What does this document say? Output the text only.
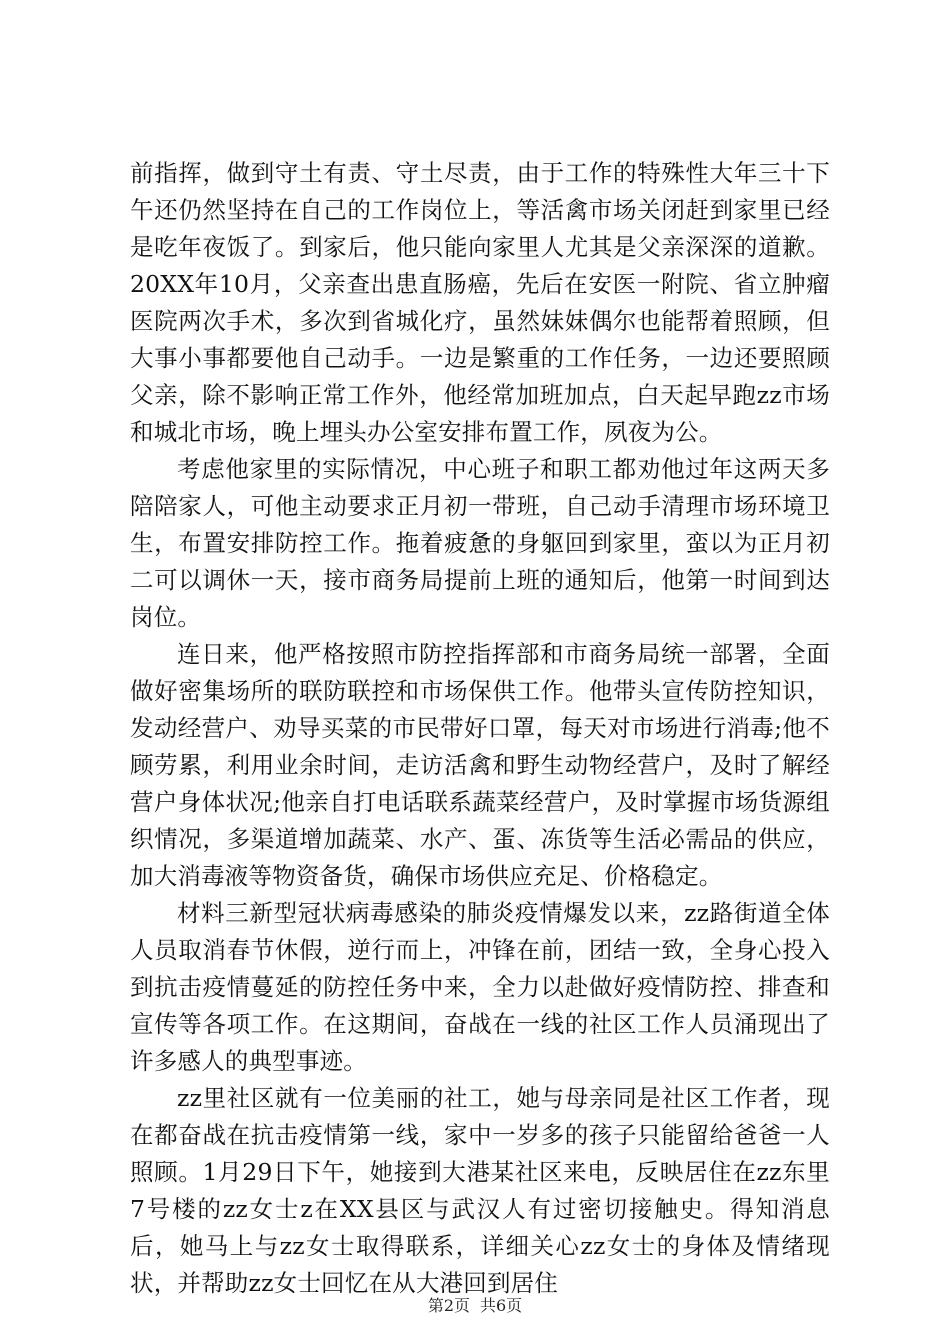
前指挥，做到守土有责、守土尽责，由于工作的特殊性大年三十下午还仍然坚持在自己的工作岗位上，等活禽市场关闭赶到家里已经是吃年夜饭了。到家后，他只能向家里人尤其是父亲深深的道歉。20XX年10月，父亲查出患直肠癌，先后在安医一附院、省立肿瘤医院两次手术，多次到省城化疗，虽然妹妹偶尔也能帮着照顾，但大事小事都要他自己动手。一边是繁重的工作任务，一边还要照顾父亲，除不影响正常工作外，他经常加班加点，白天起早跑zz市场和城北市场，晚上埋头办公室安排布置工作，夙夜为公。

考虑他家里的实际情况，中心班子和职工都劝他过年这两天多陪陪家人，可他主动要求正月初一带班，自己动手清理市场环境卫生，布置安排防控工作。拖着疲惫的身躯回到家里，蛮以为正月初二可以调休一天，接市商务局提前上班的通知后，他第一时间到达岗位。

连日来，他严格按照市防控指挥部和市商务局统一部署，全面做好密集场所的联防联控和市场保供工作。他带头宣传防控知识，发动经营户、劝导买菜的市民带好口罩，每天对市场进行消毒;他不顾劳累，利用业余时间，走访活禽和野生动物经营户，及时了解经营户身体状况;他亲自打电话联系蔬菜经营户，及时掌握市场货源组织情况，多渠道增加蔬菜、水产、蛋、冻货等生活必需品的供应，加大消毒液等物资备货，确保市场供应充足、价格稳定。

材料三新型冠状病毒感染的肺炎疫情爆发以来，zz路街道全体人员取消春节休假，逆行而上，冲锋在前，团结一致，全身心投入到抗击疫情蔓延的防控任务中来，全力以赴做好疫情防控、排查和宣传等各项工作。在这期间，奋战在一线的社区工作人员涌现出了许多感人的典型事迹。

zz里社区就有一位美丽的社工，她与母亲同是社区工作者，现在都奋战在抗击疫情第一线，家中一岁多的孩子只能留给爸爸一人照顾。1月29日下午，她接到大港某社区来电，反映居住在zz东里7号楼的zz女士z在XX县区与武汉人有过密切接触史。得知消息后，她马上与zz女士取得联系，详细关心zz女士的身体及情绪现状，并帮助zz女士回忆在从大港回到居住

第2页 共6页
